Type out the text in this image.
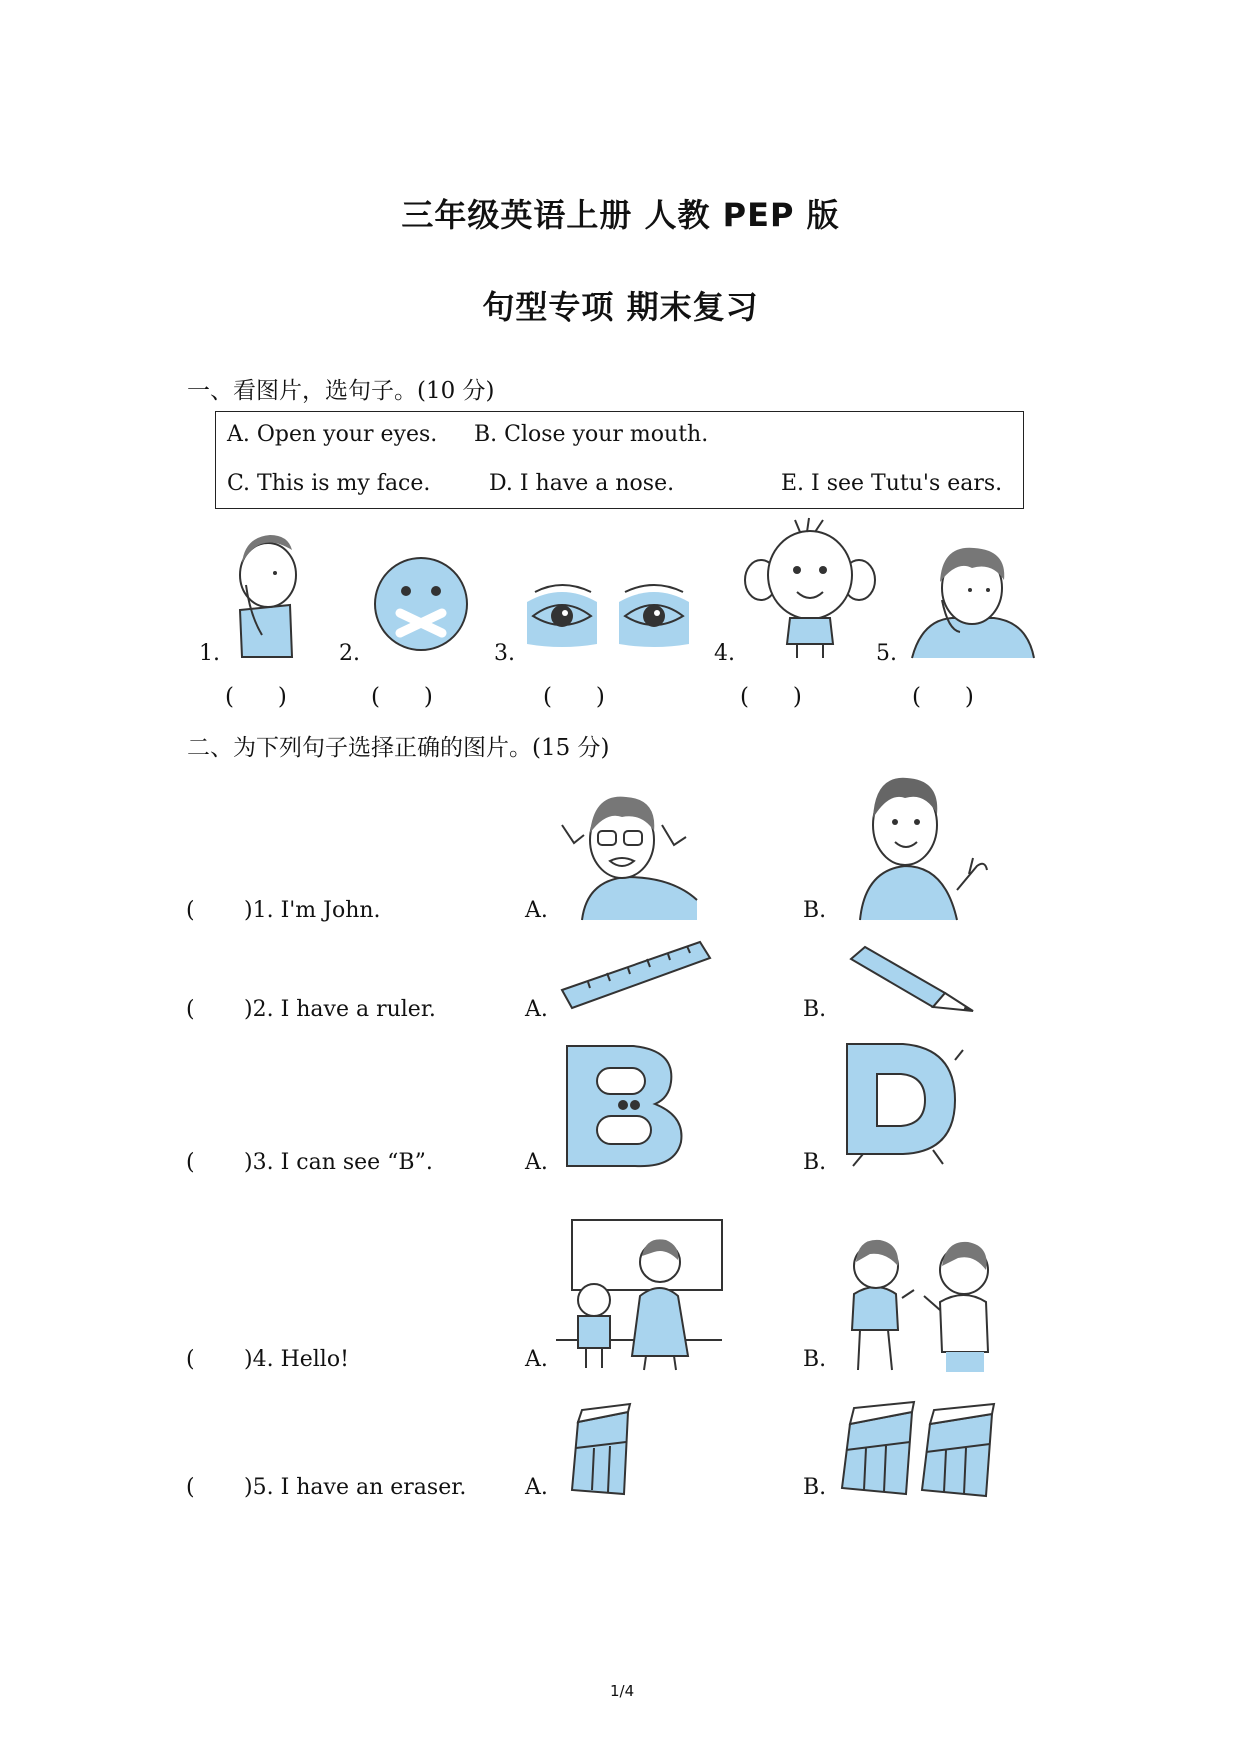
三年级英语上册 人教 PEP 版
句型专项 期末复习
一、看图片，选句子。(10 分)
A. Open your eyes. B. Close your mouth.
C. This is my face.	D. I have a nose.	E. I see Tutu's ears.
1.	2.	3.	4.	5.
(      )	(      )	(      )	(      )	(      )
二、为下列句子选择正确的图片。(15 分)
( )1. I'm John.	A.	B.
( )2. I have a ruler.	A.	B.
( )3. I can see “B”.	A.	B.
( )4. Hello!	A.	B.
( )5. I have an eraser.	A.	B.
1/4
